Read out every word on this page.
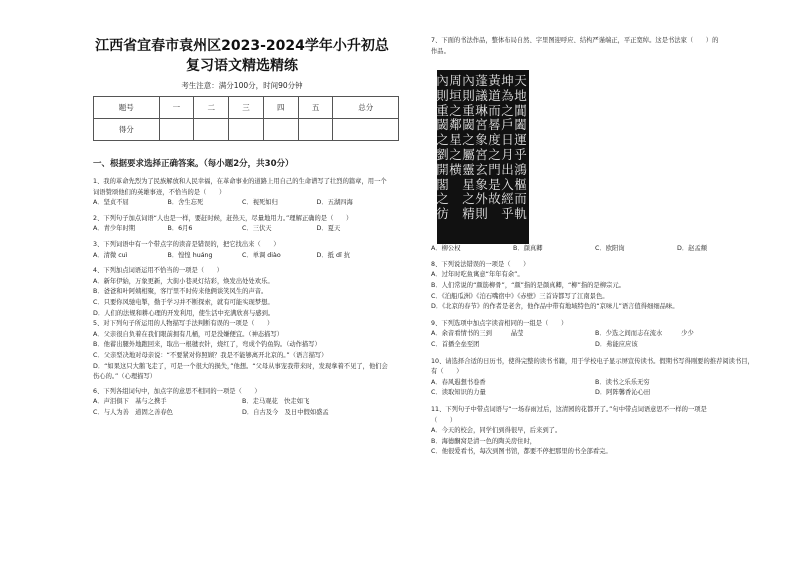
江西省宜春市袁州区2023-2024学年小升初总复习语文精选精练
考生注意：满分100分，时间90分钟
题号	一	二	三	四	五	总分
得分						
一、根据要求选择正确答案。（每小题2分，共30分）
1、我的革命先烈为了民族解放和人民幸福，在革命事业的道路上用自己的生命谱写了壮烈的篇章，用一个
词语赞颂他们的英雄事迹，不恰当的是（　　）
A．坚贞不屈	B．舍生忘死	C．视死如归	D．五湖四海
2、下列句子加点词语“人也是一样，要赶时候，赶热天，尽量地用力。”理解正确的是（　　）
A．青少年时期	B．6月6	C．三伏天	D．夏天
3、下列词语中有一个带点字的读音是错误的，把它找出来（　　）
A．清微 cuì	B．惶惶 huáng	C．单调 diào	D．抵 dǐ 抗
4、下列加点词语运用不恰当的一项是（　　）
A．新年伊始，万象更新，大街小巷灵灯结彩，焕发出处处欢乐。
B．爸爸和叶阿姨相聚，客厅里不时传来他俩谈笑风生的声音。
C．只要你风驰电掣，勤于学习并不断探索，就有可能实现梦想。
D．人们的法规和耕心理的开发利用，使生活中充满欣喜与感到。
5、对下列句子所运用的人物描写手法判断有误的一项是（　　）
A．父亲很自负着在我们眼前拥有几桶，可是没嫌便宜。（神态描写）
B．他蓄出腿外地跑回来，取出一根毽衣针，烧红了，弯成个钓鱼钩。（动作描写）
C．父亲型决地对母亲说：“不要紧对你照顾？我是不能够离开北京的。”（语言描写）
D．“如果这只大鹅飞走了，可是一个很大的损失，”他想。“父母从事宠我带来时，发现拿着不见了，他们会伤心的。”（心理描写）
6、下列各组词句中，加点字的意思不相同的一项是（　　）
A．声泪俱下　基与之携手	B．走马观花　快走如飞
C．与人为善　道固之善春色	D．自古及今　及日中假如盛孟
天地閶闔運乎鴻樞而軌
坤為之戶日月出入經乎
黃道而晷度之門是故
蓬議琳宮象宮玄象外則
內則重閾之屬靈星之精
周垣之鄰星之横
內則重閾之劉開閣之彷
7、下面的书法作品，整体布局自然、字里图迎呼应、结构严谨端正，平正宽绰。这是书法家（　　）的
作品。
A．柳公权	B．颜真卿	C．欧阳询	D．赵孟頫
8、下列说法错误的一项是（　　）
A．过年时吃鱼寓意“年年有余”。
B．人们常说的“颜筋柳骨”，“颜”指的是颜真卿，“柳”指的是柳宗元。
C．《泊船瓜洲》《泊石嘴宿中》《赤壁》三首诗都写了江南景色。
D．《北京的春节》的作者是老舍，他作品中带有地域特色的“京味儿”语言值得细细品味。
9、下列选项中加点字读音相同的一组是（　　）
A．余音看情书的三到　　　晶莹	B．少选之间而志在流水　　　少少
C．首播全垒至团	D．弗能应应该
10、请选择合适的日历书，使得完整的读书书籍，用于学校电子显示屏宣传读书。假期书写得刚要的推荐阅读书目，
有（　　）
A．春风遐想书卷香	B．读书之乐乐无穷
C．读取知识的力量	D．阿阵馨香沁心田
11、下列句子中带点词语与“一场春雨过后，这清园的花都开了。”句中带点词语意思不一样的一项是
（　　）
A．今天的校会，同学们到得很早，后来到了。
B．海德酮窝是清一色的陶关房住时，
C．他很爱看书，每次到图书馆，都要不停把那里的书全部看完。
